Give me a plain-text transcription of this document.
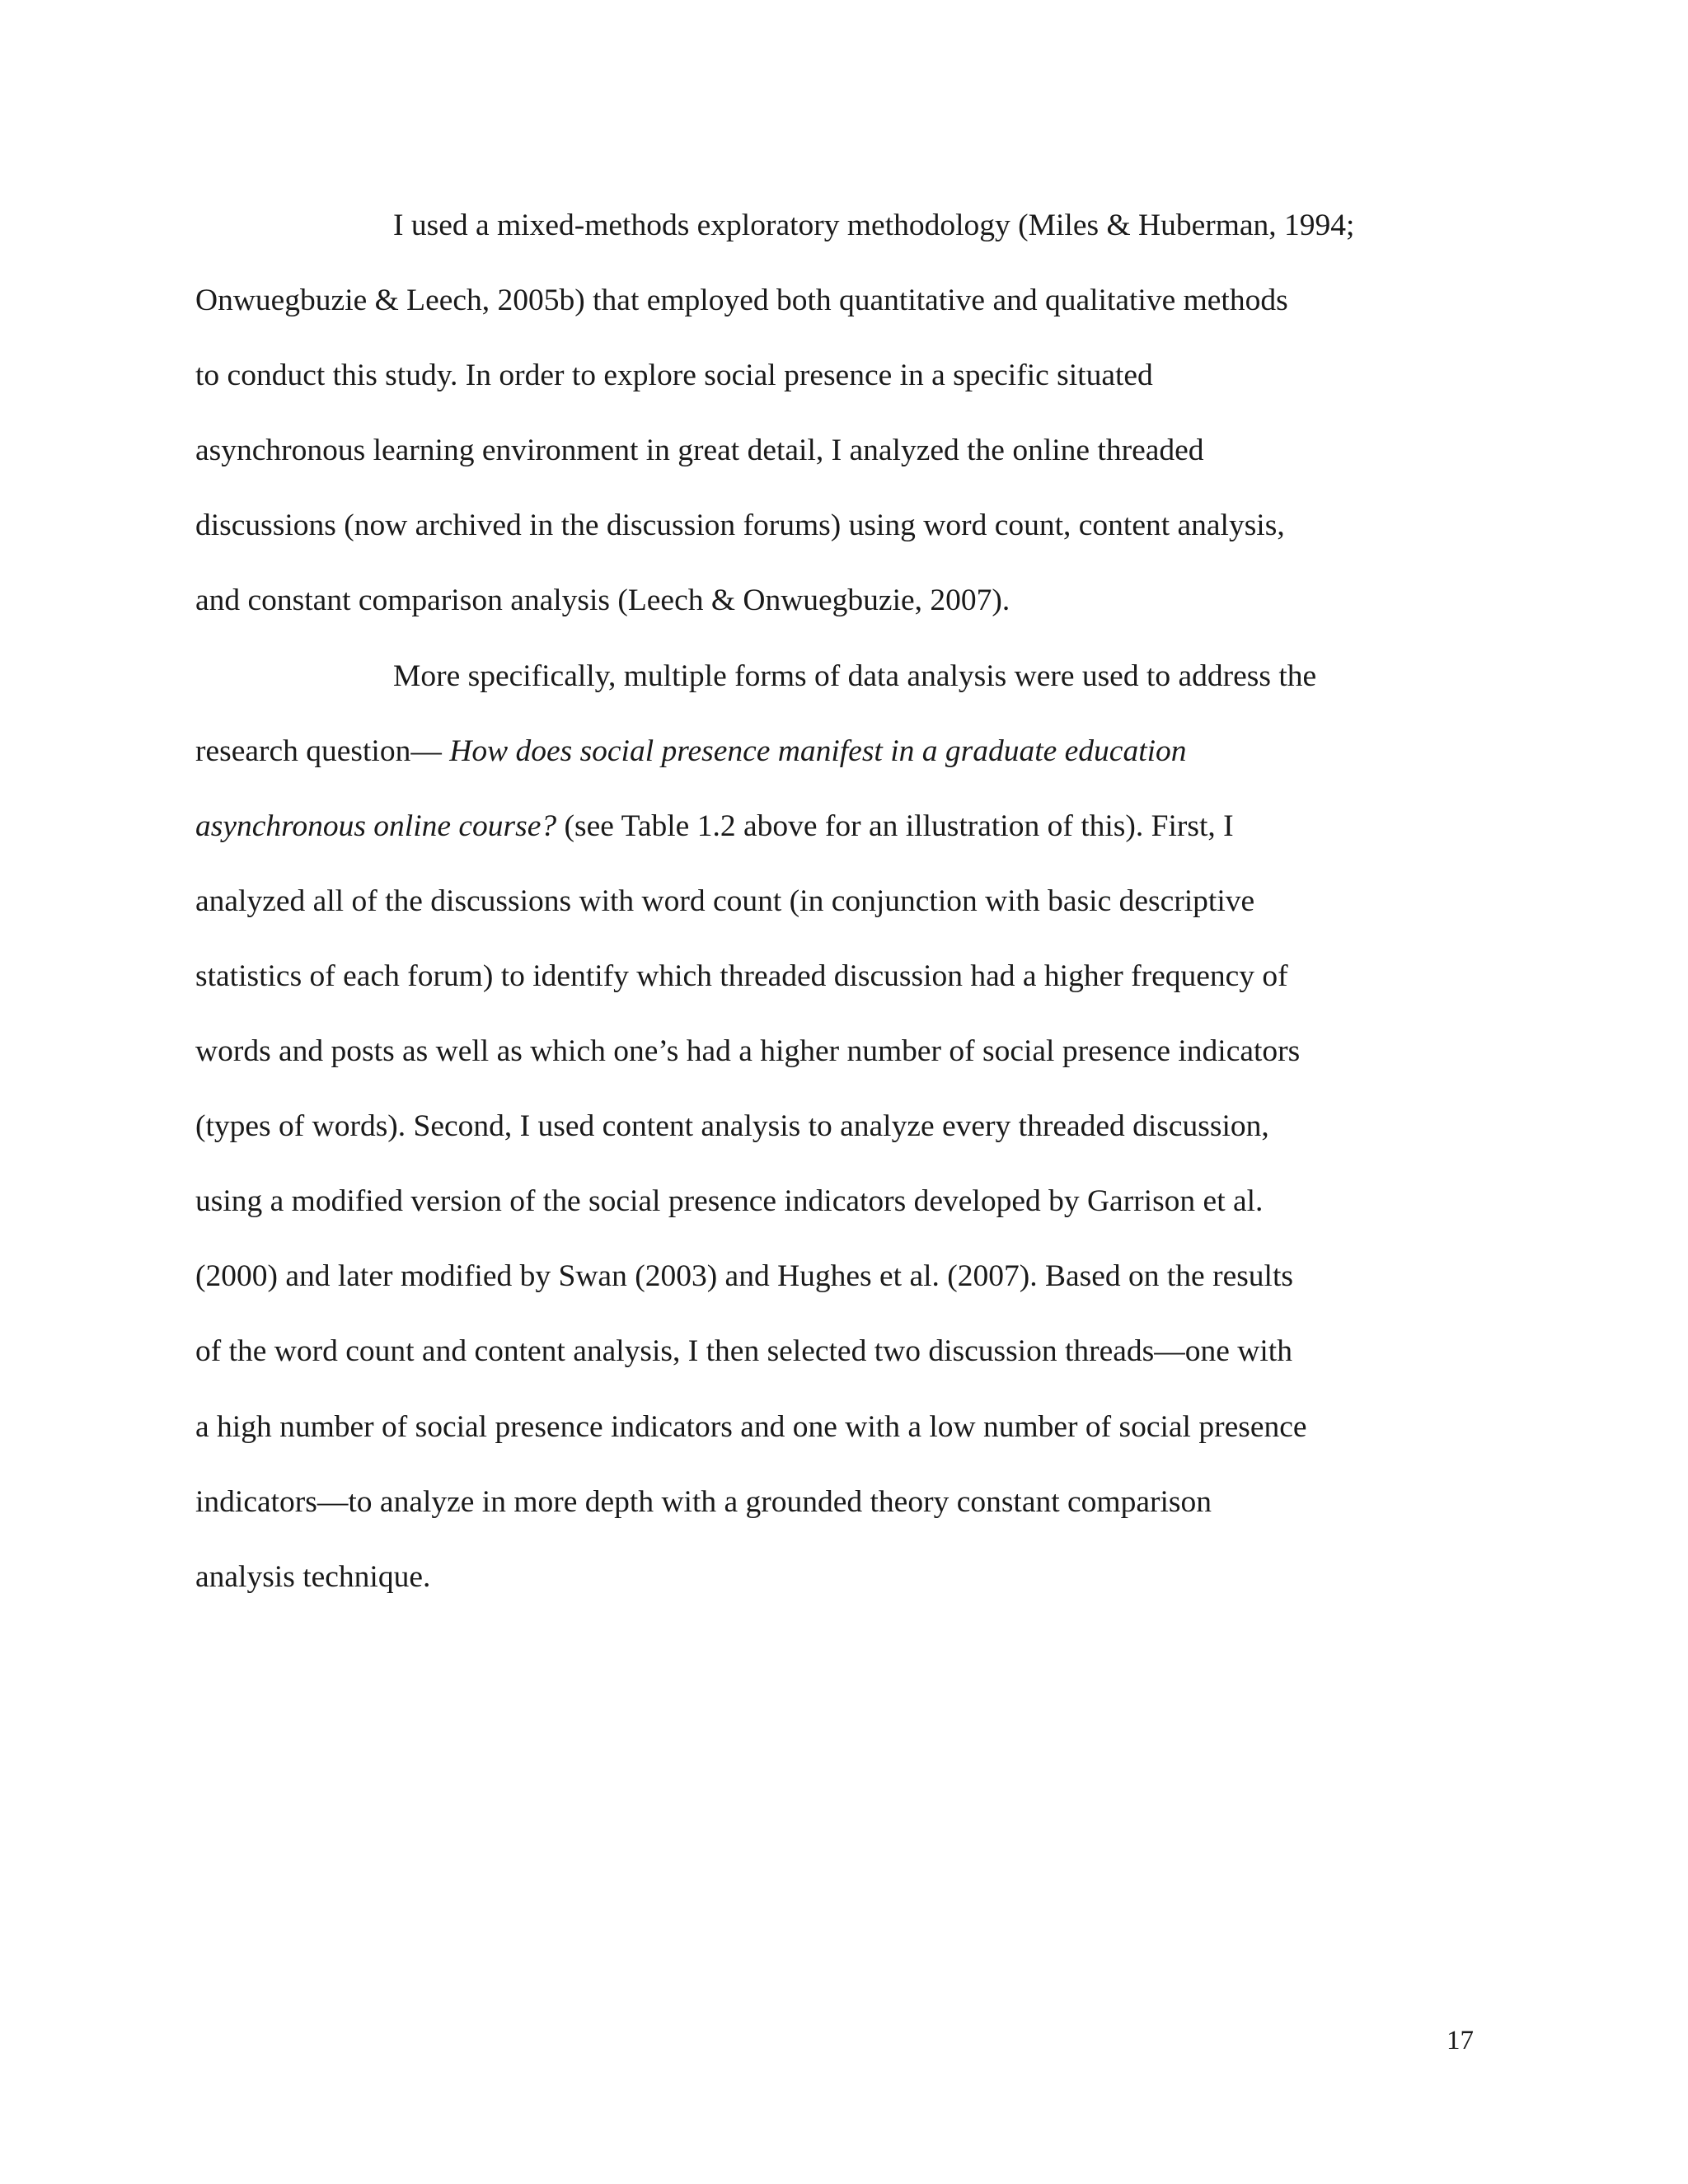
I used a mixed-methods exploratory methodology (Miles & Huberman, 1994;
Onwuegbuzie & Leech, 2005b) that employed both quantitative and qualitative methods
to conduct this study. In order to explore social presence in a specific situated
asynchronous learning environment in great detail, I analyzed the online threaded
discussions (now archived in the discussion forums) using word count, content analysis,
and constant comparison analysis (Leech & Onwuegbuzie, 2007).

More specifically, multiple forms of data analysis were used to address the
research question— How does social presence manifest in a graduate education
asynchronous online course? (see Table 1.2 above for an illustration of this). First, I
analyzed all of the discussions with word count (in conjunction with basic descriptive
statistics of each forum) to identify which threaded discussion had a higher frequency of
words and posts as well as which one’s had a higher number of social presence indicators
(types of words). Second, I used content analysis to analyze every threaded discussion,
using a modified version of the social presence indicators developed by Garrison et al.
(2000) and later modified by Swan (2003) and Hughes et al. (2007). Based on the results
of the word count and content analysis, I then selected two discussion threads—one with
a high number of social presence indicators and one with a low number of social presence
indicators—to analyze in more depth with a grounded theory constant comparison
analysis technique.

17
